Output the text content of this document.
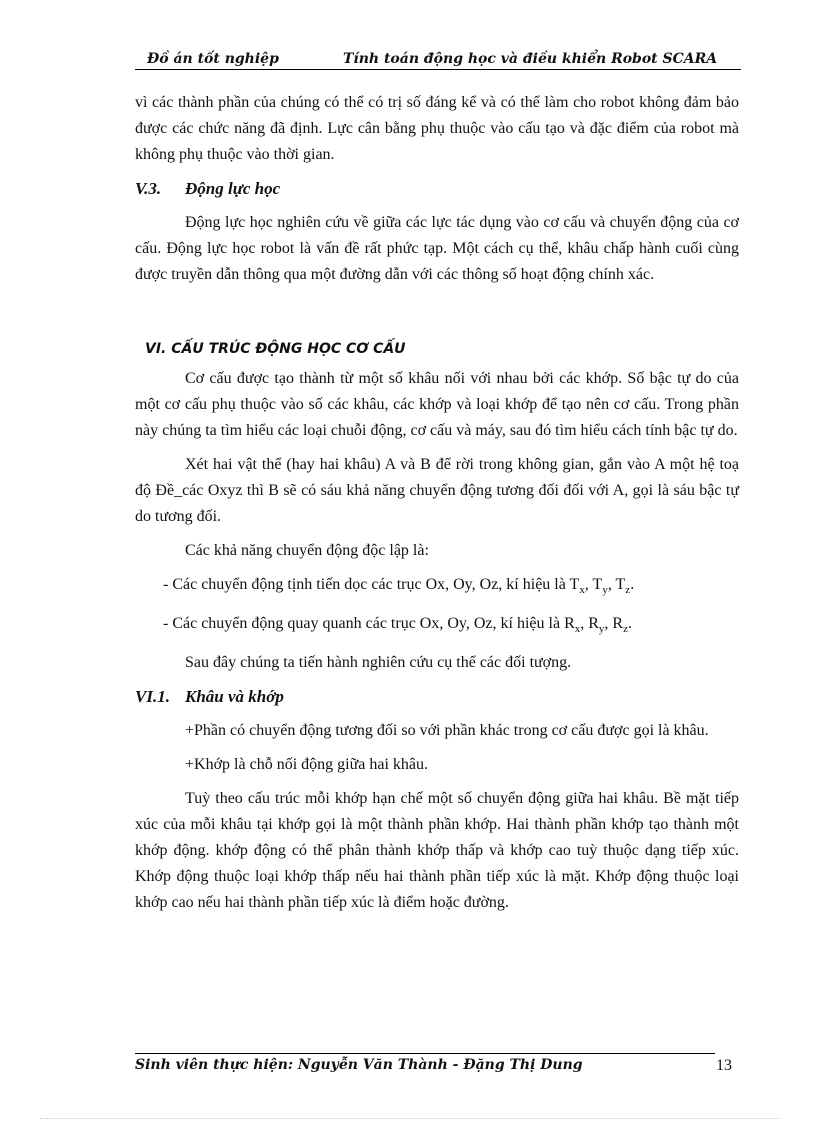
Đồ án tốt nghiệp	Tính toán động học và điều khiển Robot SCARA

vì các thành phần của chúng có thể có trị số đáng kể và có thể làm cho robot không đảm bảo được các chức năng đã định. Lực cân bằng phụ thuộc vào cấu tạo và đặc điểm của robot mà không phụ thuộc vào thời gian.

V.3. Động lực học

Động lực học nghiên cứu về giữa các lực tác dụng vào cơ cấu và chuyển động của cơ cấu. Động lực học robot là vấn đề rất phức tạp. Một cách cụ thể, khâu chấp hành cuối cùng được truyền dẫn thông qua một đường dẫn với các thông số hoạt động chính xác.

VI. CẤU TRÚC ĐỘNG HỌC CƠ CẤU

Cơ cấu được tạo thành từ một số khâu nối với nhau bởi các khớp. Số bậc tự do của một cơ cấu phụ thuộc vào số các khâu, các khớp và loại khớp để tạo nên cơ cấu. Trong phần này chúng ta tìm hiểu các loại chuỗi động, cơ cấu và máy, sau đó tìm hiểu cách tính bậc tự do.

Xét hai vật thể (hay hai khâu) A và B để rời trong không gian, gắn vào A một hệ toạ độ Đề_các Oxyz thì B sẽ có sáu khả năng chuyển động tương đối đối với A, gọi là sáu bậc tự do tương đối.

Các khả năng chuyển động độc lập là:

- Các chuyển động tịnh tiến dọc các trục Ox, Oy, Oz, kí hiệu là $T_x$, $T_y$, $T_z$.

- Các chuyển động quay quanh các trục Ox, Oy, Oz, kí hiệu là $R_x$, $R_y$, $R_z$.

Sau đây chúng ta tiến hành nghiên cứu cụ thể các đối tượng.

VI.1. Khâu và khớp

+Phần có chuyển động tương đối so với phần khác trong cơ cấu được gọi là khâu.

+Khớp là chỗ nối động giữa hai khâu.

Tuỳ theo cấu trúc mỗi khớp hạn chế một số chuyển động giữa hai khâu. Bề mặt tiếp xúc của mỗi khâu tại khớp gọi là một thành phần khớp. Hai thành phần khớp tạo thành một khớp động. khớp động có thể phân thành khớp thấp và khớp cao tuỳ thuộc dạng tiếp xúc. Khớp động thuộc loại khớp thấp nếu hai thành phần tiếp xúc là mặt. Khớp động thuộc loại khớp cao nếu hai thành phần tiếp xúc là điểm hoặc đường.

Sinh viên thực hiện: Nguyễn Văn Thành - Đặng Thị Dung	13
